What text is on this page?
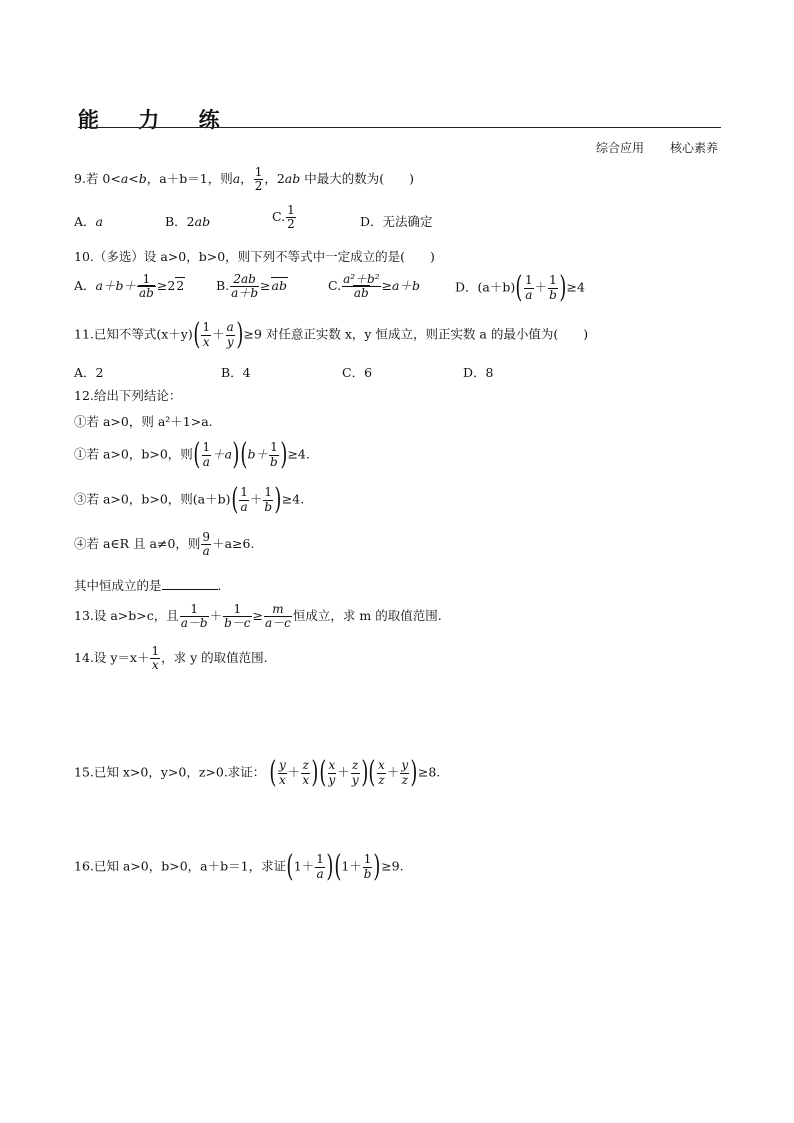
能 力 练
综合应用 核心素养
9.若 0<a<b，a＋b＝1，则a， $\frac{1}{2}$ ，2ab 中最大的数为(　　)
A．a	B．2ab	C. $\frac{1}{2}$	D．无法确定
10.（多选）设 a>0，b>0，则下列不等式中一定成立的是(　　)
A．$a+b+ \frac{1}{ab} \ge 22$	B. $\frac{2ab}{a+b} \ge ab$	C. $\frac{\text{a²＋b²}}{ab} \ge a+b$	D．$(a+b)( \frac{1}{a} + \frac{1}{b} )\ge 4$
11.已知不等式$(x+y)( \frac{1}{x} + \frac{a}{y} )\ge 9$ 对任意正实数 x，y 恒成立，则正实数 a 的最小值为(　　)
A．2	B．4	C．6	D．8
12.给出下列结论：
①若 a>0，则 a²＋1>a.
①若 a>0，b>0，则( $\frac{1}{a} +a)(b+ \frac{1}{b} )\ge 4$.
③若 a>0，b>0，则$(a+b)( \frac{1}{a} + \frac{1}{b} )\ge 4$.
④若 a∈R 且 a≠0，则 $\frac{9}{a} +a\ge 6$.
其中恒成立的是	.
13.设 a>b>c，且 $\frac{1}{a-b} + \frac{1}{b-c} \ge \frac{m}{a-c}$ 恒成立，求 m 的取值范围.
14.设 $y=x+ \frac{1}{x}$ ，求 y 的取值范围.
15.已知 x>0，y>0，z>0.求证： ( $\frac{y}{x} + \frac{z}{x}$ )( $\frac{x}{y} + \frac{z}{y}$ )( $\frac{x}{z} + \frac{y}{z} )\ge 8$.
16.已知 a>0，b>0，a＋b＝1，求证$(1+ \frac{1}{a} )(1+ \frac{1}{b} )\ge 9$.
